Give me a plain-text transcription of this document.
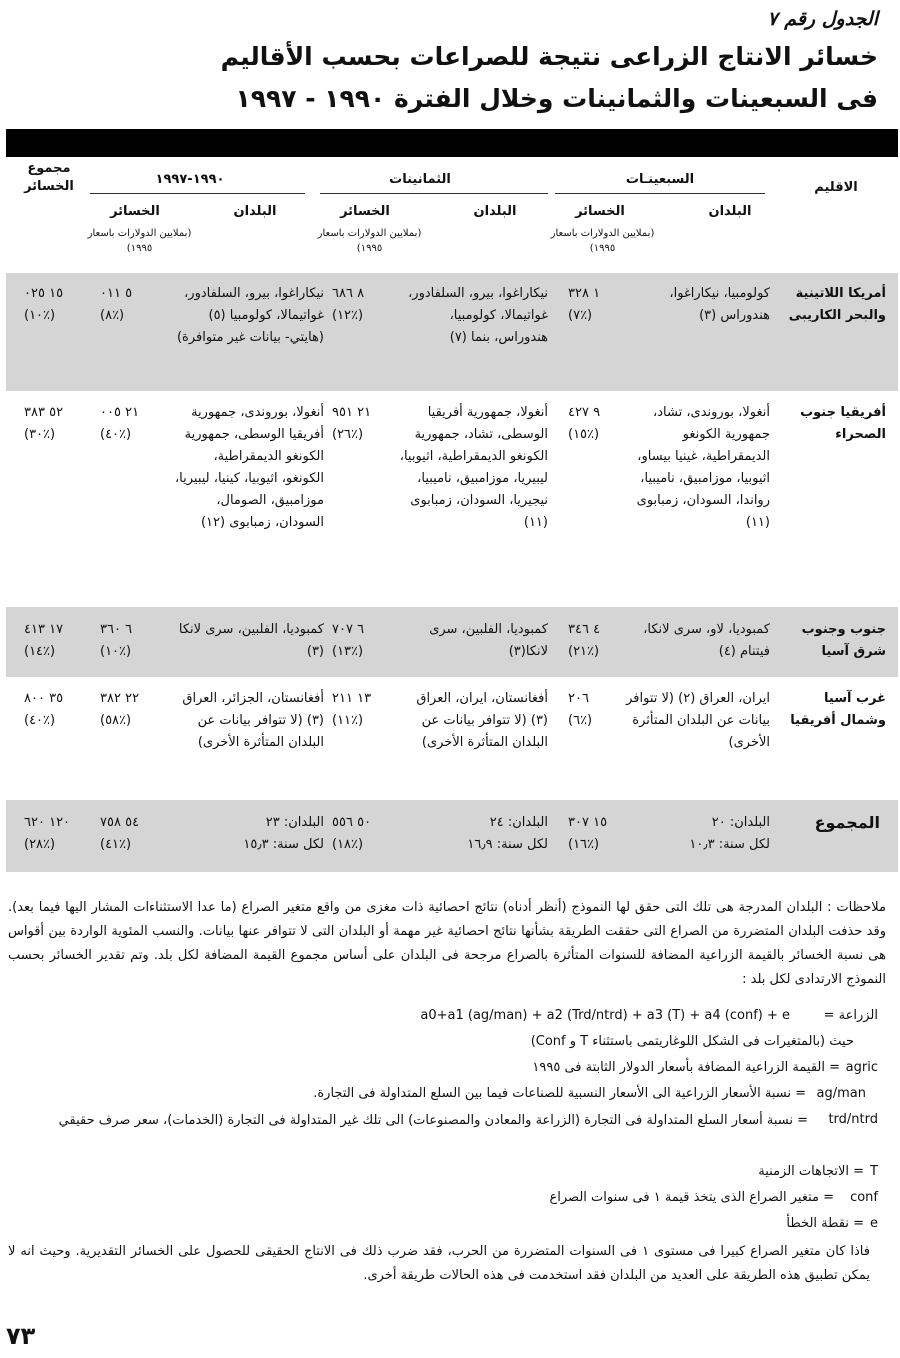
الجدول رقم ٧
خسائر الانتاج الزراعى نتيجة للصراعات بحسب الأقاليم
فى السبعينات والثمانينات وخلال الفترة ١٩٩٠ - ١٩٩٧
الاقليم
السبعينـات
الثمانينات
١٩٩٠-١٩٩٧
مجموع الخسائر
البلدان
الخسائر
(بملايين الدولارات باسعار ١٩٩٥)
البلدان
الخسائر
(بملايين الدولارات باسعار ١٩٩٥)
البلدان
الخسائر
(بملايين الدولارات باسعار ١٩٩٥)
أمريكا اللاتينية والبحر الكاريبى
كولومبيا، نيكاراغوا، هندوراس (٣)
١ ٣٢٨
(٧٪)
نيكاراغوا، بيرو، السلفادور، غواتيمالا، كولومبيا، هندوراس، بنما (٧)
٨ ٦٨٦
(١٢٪)
نيكاراغوا، بيرو، السلفادور، غواتيمالا، كولومبيا (٥) (هايتي- بيانات غير متوافرة)
٥ ٠١١
(٨٪)
١٥ ٠٢٥
(١٠٪)
أفريقيا جنوب الصحراء
أنغولا، بوروندى، تشاد، جمهورية الكونغو الديمقراطية، غينيا بيساو، اثيوبيا، موزامبيق، ناميبيا، رواندا، السودان، زمبابوى (١١)
٩ ٤٢٧
(١٥٪)
أنغولا، جمهورية أفريقيا الوسطى، تشاد، جمهورية الكونغو الديمقراطية، اثيوبيا، ليبيريا، موزامبيق، ناميبيا، نيجيريا، السودان، زمبابوى (١١)
٢١ ٩٥١
(٢٦٪)
أنغولا، بوروندى، جمهورية أفريقيا الوسطى، جمهورية الكونغو الديمقراطية، الكونغو، اثيوبيا، كينيا، ليبيريا، موزامبيق، الصومال، السودان، زمبابوى (١٢)
٢١ ٠٠٥
(٤٠٪)
٥٢ ٣٨٣
(٣٠٪)
جنوب وجنوب شرق آسيا
كمبوديا، لاو، سرى لانكا، فيتنام (٤)
٤ ٣٤٦
(٢١٪)
كمبوديا، الفلبين، سرى لانكا(٣)
٦ ٧٠٧
(١٣٪)
كمبوديا، الفلبين، سرى لانكا (٣)
٦ ٣٦٠
(١٠٪)
١٧ ٤١٣
(١٤٪)
غرب آسيا وشمال أفريقيا
ايران، العراق (٢) (لا تتوافر بيانات عن البلدان المتأثرة الأخرى)
٢٠٦
(٦٪)
أفغانستان، ايران، العراق (٣) (لا تتوافر بيانات عن البلدان المتأثرة الأخرى)
١٣ ٢١١
(١١٪)
أفغانستان، الجزائر، العراق (٣) (لا تتوافر بيانات عن البلدان المتأثرة الأخرى)
٢٢ ٣٨٢
(٥٨٪)
٣٥ ٨٠٠
(٤٠٪)
المجموع
البلدان: ٢٠
لكل سنة: ١٠٫٣
١٥ ٣٠٧
(١٦٪)
البلدان: ٢٤
لكل سنة: ١٦٫٩
٥٠ ٥٥٦
(١٨٪)
البلدان: ٢٣
لكل سنة: ١٥٫٣
٥٤ ٧٥٨
(٤١٪)
١٢٠ ٦٢٠
(٢٨٪)
ملاحظات : البلدان المدرجة هى تلك التى حقق لها النموذج (أنظر أدناه) نتائج احصائية ذات مغزى من واقع متغير الصراع (ما عدا الاستثناءات المشار اليها فيما بعد). وقد حذفت البلدان المتضررة من الصراع التى حققت الطريقة بشأنها نتائج احصائية غير مهمة أو البلدان التى لا تتوافر عنها بيانات. والنسب المئوية الواردة بين أقواس هى نسبة الخسائر بالقيمة الزراعية المضافة للسنوات المتأثرة بالصراع مرجحة فى البلدان على أساس مجموع القيمة المضافة لكل بلد. وتم تقدير الخسائر بحسب النموذج الارتدادى لكل بلد :
الزراعة =
a0+a1 (ag/man) + a2 (Trd/ntrd) + a3 (T) + a4 (conf) + e
حيث (بالمتغيرات فى الشكل اللوغاريتمى باستثناء T و Conf)
agric
= القيمة الزراعية المضافة بأسعار الدولار الثابتة فى ١٩٩٥
ag/man
= نسبة الأسعار الزراعية الى الأسعار النسبية للصناعات فيما بين السلع المتداولة فى التجارة.
trd/ntrd
= نسبة أسعار السلع المتداولة فى التجارة (الزراعة والمعادن والمصنوعات) الى تلك غير المتداولة فى التجارة (الخدمات)، سعر صرف حقيقي
T
= الاتجاهات الزمنية
conf
= متغير الصراع الذى يتخذ قيمة ١ فى سنوات الصراع
e
= نقطة الخطأ
فاذا كان متغير الصراع كبيرا فى مستوى ١ فى السنوات المتضررة من الحرب، فقد ضرب ذلك فى الانتاج الحقيقى للحصول على الخسائر التقديرية. وحيث انه لا يمكن تطبيق هذه الطريقة على العديد من البلدان فقد استخدمت فى هذه الحالات طريقة أخرى.
٧٣
